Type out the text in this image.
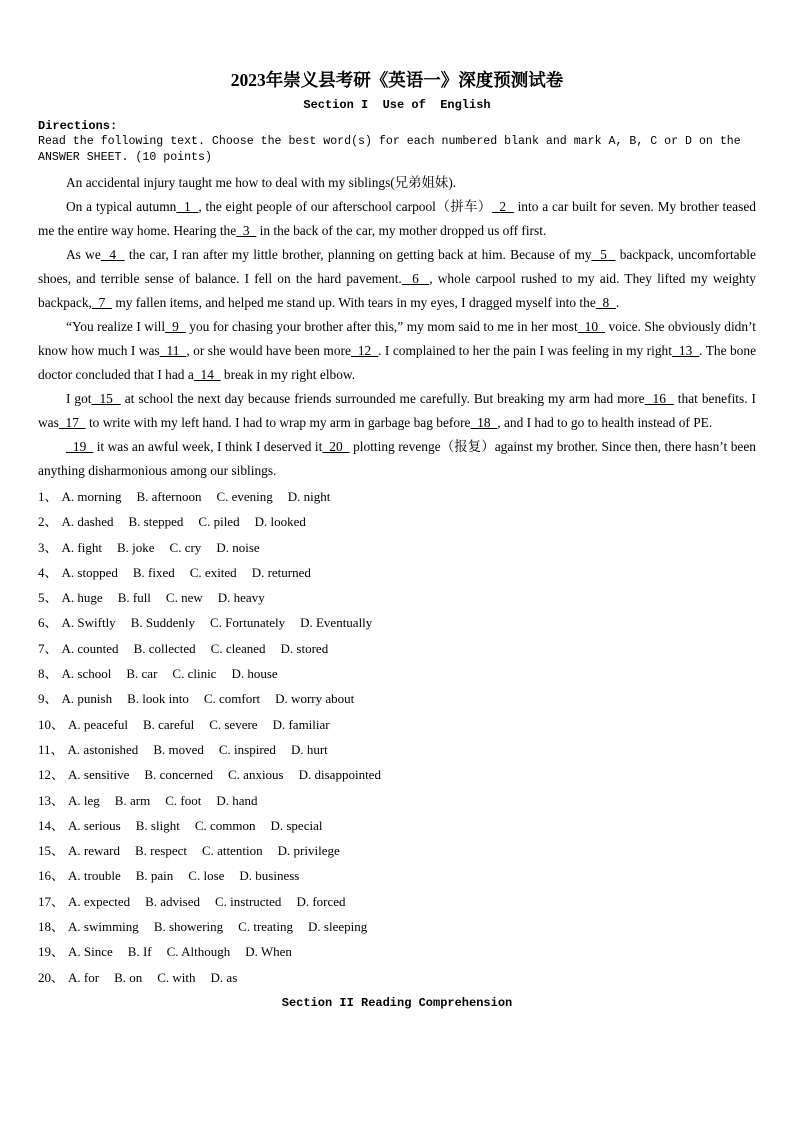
2023年崇义县考研《英语一》深度预测试卷
Section I  Use of  English
Directions:
Read the following text. Choose the best word(s) for each numbered blank and mark A, B, C or D on the ANSWER SHEET. (10 points)

An accidental injury taught me how to deal with my siblings(兄弟姐妹).

On a typical autumn  1  , the eight people of our afterschool carpool（拼车）  2   into a car built for seven. My brother teased me the entire way home. Hearing the  3   in the back of the car, my mother dropped us off first.

As we  4   the car, I ran after my little brother, planning on getting back at him. Because of my  5   backpack, uncomfortable shoes, and terrible sense of balance. I fell on the hard pavement.  6  , whole carpool rushed to my aid. They lifted my weighty backpack,  7   my fallen items, and helped me stand up. With tears in my eyes, I dragged myself into the  8  .

“You realize I will  9   you for chasing your brother after this,” my mom said to me in her most  10   voice. She obviously didn’t know how much I was  11  , or she would have been more  12  . I complained to her the pain I was feeling in my right  13  . The bone doctor concluded that I had a  14   break in my right elbow.

I got  15   at school the next day because friends surrounded me carefully. But breaking my arm had more  16   that benefits. I was  17   to write with my left hand. I had to wrap my arm in garbage bag before  18  , and I had to go to health instead of PE.

19   it was an awful week, I think I deserved it  20   plotting revenge（报复）against my brother. Since then, there hasn’t been anything disharmonious among our siblings.

1、 A. morning B. afternoon C. evening D. night
2、 A. dashed B. stepped C. piled D. looked
3、 A. fight B. joke C. cry D. noise
4、 A. stopped B. fixed C. exited D. returned
5、 A. huge B. full C. new D. heavy
6、 A. Swiftly B. Suddenly C. Fortunately D. Eventually
7、 A. counted B. collected C. cleaned D. stored
8、 A. school B. car C. clinic D. house
9、 A. punish B. look into C. comfort D. worry about
10、 A. peaceful B. careful C. severe D. familiar
11、 A. astonished B. moved C. inspired D. hurt
12、 A. sensitive B. concerned C. anxious D. disappointed
13、 A. leg B. arm C. foot D. hand
14、 A. serious B. slight C. common D. special
15、 A. reward B. respect C. attention D. privilege
16、 A. trouble B. pain C. lose D. business
17、 A. expected B. advised C. instructed D. forced
18、 A. swimming B. showering C. treating D. sleeping
19、 A. Since B. If C. Although D. When
20、 A. for B. on C. with D. as
Section II Reading Comprehension
